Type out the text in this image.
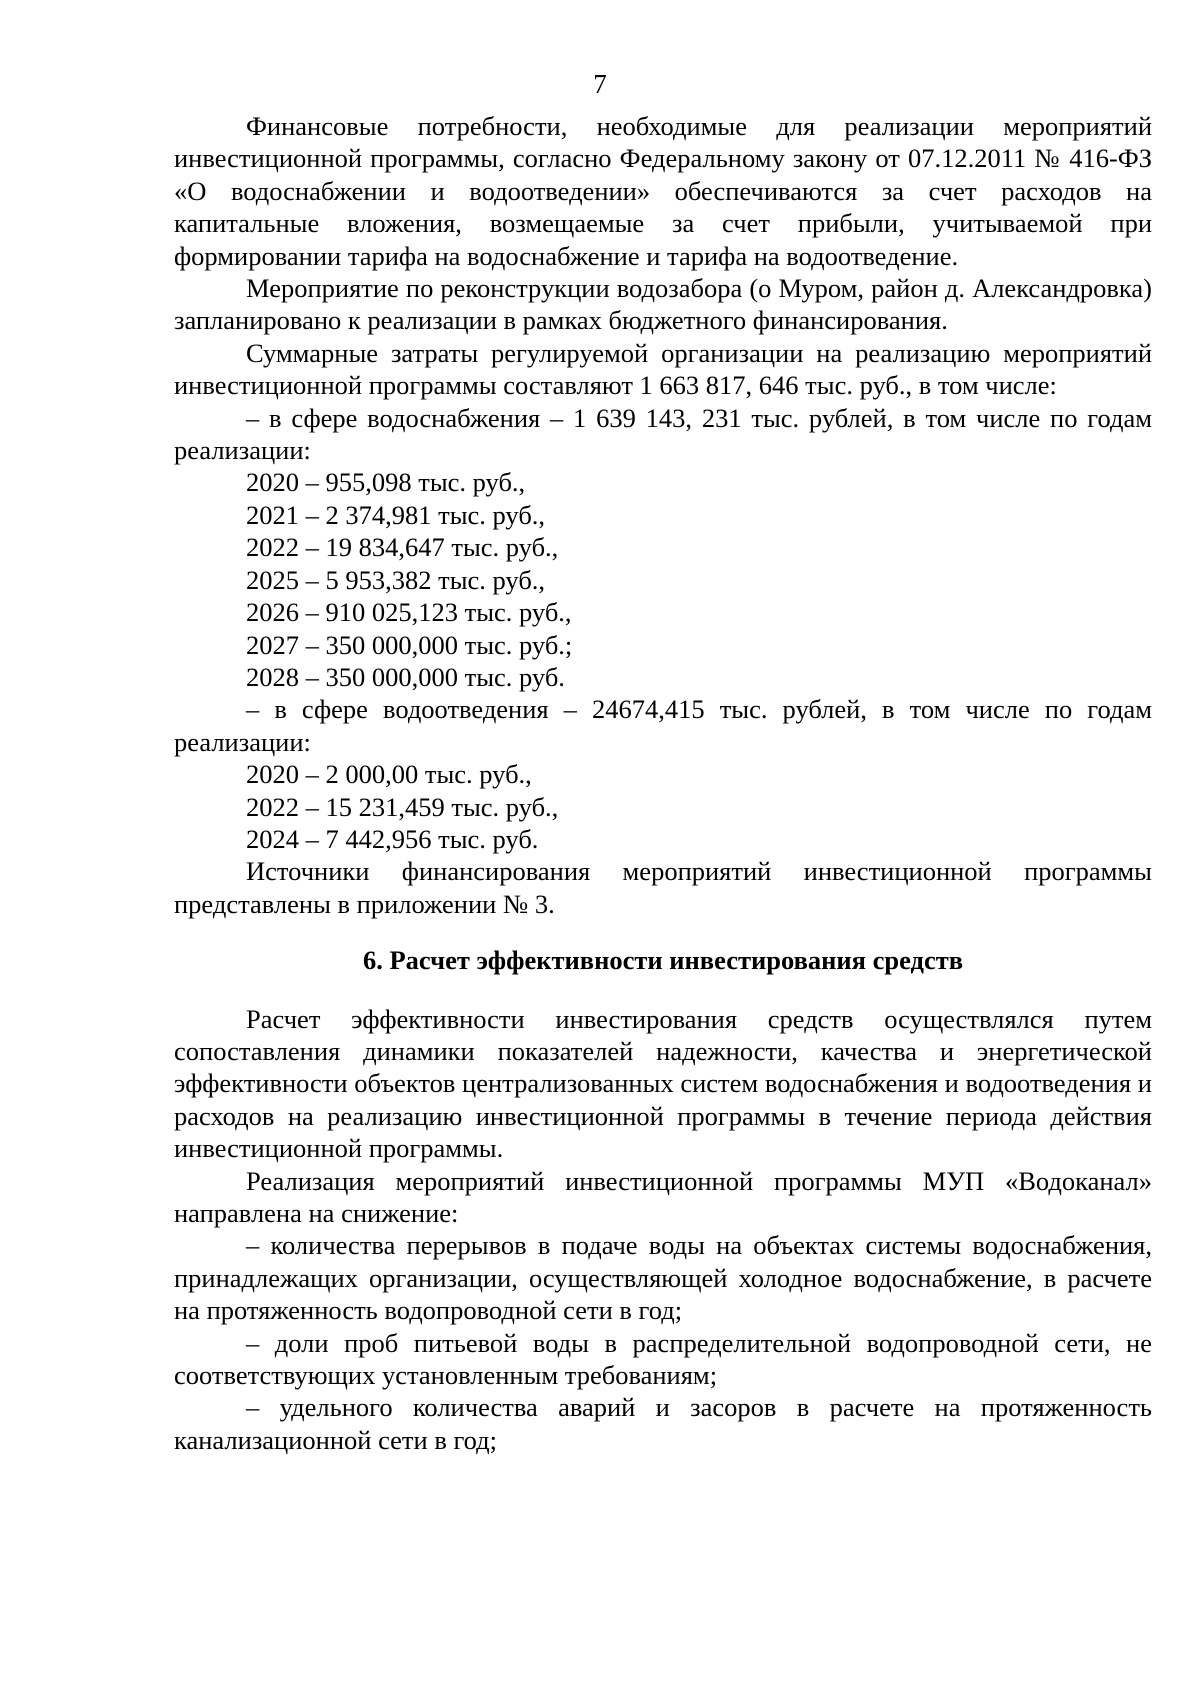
7

Финансовые потребности, необходимые для реализации мероприятий инвестиционной программы, согласно Федеральному закону от 07.12.2011 № 416-ФЗ «О водоснабжении и водоотведении» обеспечиваются за счет расходов на капитальные вложения, возмещаемые за счет прибыли, учитываемой при формировании тарифа на водоснабжение и тарифа на водоотведение.

Мероприятие по реконструкции водозабора (о Муром, район д. Александровка) запланировано к реализации в рамках бюджетного финансирования.

Суммарные затраты регулируемой организации на реализацию мероприятий инвестиционной программы составляют 1 663 817, 646 тыс. руб., в том числе:

– в сфере водоснабжения – 1 639 143, 231 тыс. рублей, в том числе по годам реализации:

2020 – 955,098 тыс. руб.,

2021 – 2 374,981 тыс. руб.,

2022 – 19 834,647 тыс. руб.,

2025 – 5 953,382 тыс. руб.,

2026 – 910 025,123 тыс. руб.,

2027 – 350 000,000 тыс. руб.;

2028 – 350 000,000 тыс. руб.

– в сфере водоотведения – 24674,415 тыс. рублей, в том числе по годам реализации:

2020 – 2 000,00 тыс. руб.,

2022 – 15 231,459 тыс. руб.,

2024 – 7 442,956 тыс. руб.

Источники финансирования мероприятий инвестиционной программы представлены в приложении № 3.

6. Расчет эффективности инвестирования средств

Расчет эффективности инвестирования средств осуществлялся путем сопоставления динамики показателей надежности, качества и энергетической эффективности объектов централизованных систем водоснабжения и водоотведения и расходов на реализацию инвестиционной программы в течение периода действия инвестиционной программы.

Реализация мероприятий инвестиционной программы МУП «Водоканал» направлена на снижение:

– количества перерывов в подаче воды на объектах системы водоснабжения, принадлежащих организации, осуществляющей холодное водоснабжение, в расчете на протяженность водопроводной сети в год;

– доли проб питьевой воды в распределительной водопроводной сети, не соответствующих установленным требованиям;

– удельного количества аварий и засоров в расчете на протяженность канализационной сети в год;
